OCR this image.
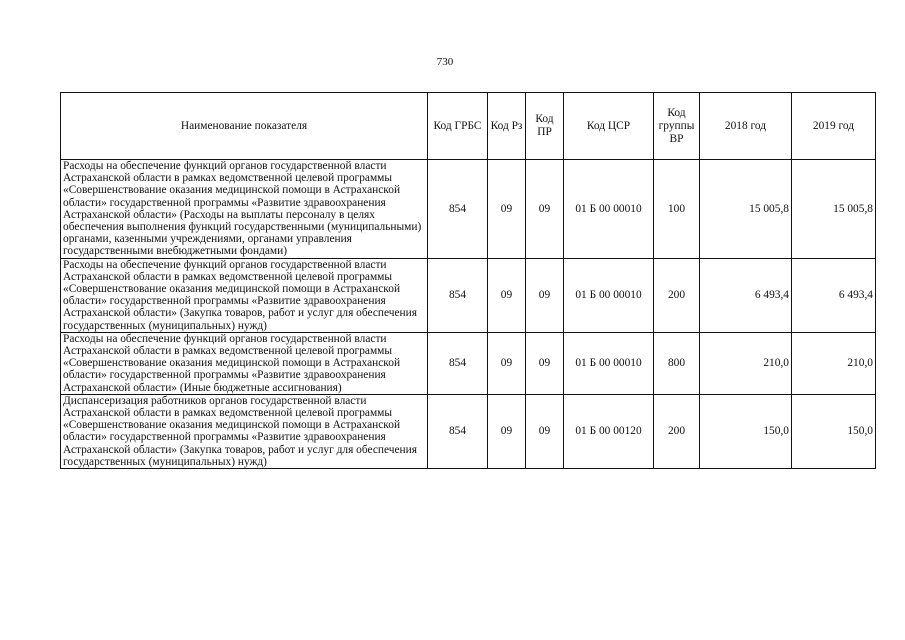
730
Наименование показателя	Код ГРБС	Код Рз	Код ПР	Код ЦСР	Код группы ВР	2018 год	2019 год
Расходы на обеспечение функций органов государственной власти Астраханской области в рамках ведомственной целевой программы «Совершенствование оказания медицинской помощи в Астраханской области» государственной программы «Развитие здравоохранения Астраханской области» (Расходы на выплаты персоналу в целях обеспечения выполнения функций государственными (муниципальными) органами, казенными учреждениями, органами управления государственными внебюджетными фондами)	854	09	09	01 Б 00 00010	100	15 005,8	15 005,8
Расходы на обеспечение функций органов государственной власти Астраханской области в рамках ведомственной целевой программы «Совершенствование оказания медицинской помощи в Астраханской области» государственной программы «Развитие здравоохранения Астраханской области» (Закупка товаров, работ и услуг для обеспечения государственных (муниципальных) нужд)	854	09	09	01 Б 00 00010	200	6 493,4	6 493,4
Расходы на обеспечение функций органов государственной власти Астраханской области в рамках ведомственной целевой программы «Совершенствование оказания медицинской помощи в Астраханской области» государственной программы «Развитие здравоохранения Астраханской области» (Иные бюджетные ассигнования)	854	09	09	01 Б 00 00010	800	210,0	210,0
Диспансеризация работников органов государственной власти Астраханской области в рамках ведомственной целевой программы «Совершенствование оказания медицинской помощи в Астраханской области» государственной программы «Развитие здравоохранения Астраханской области» (Закупка товаров, работ и услуг для обеспечения государственных (муниципальных) нужд)	854	09	09	01 Б 00 00120	200	150,0	150,0
